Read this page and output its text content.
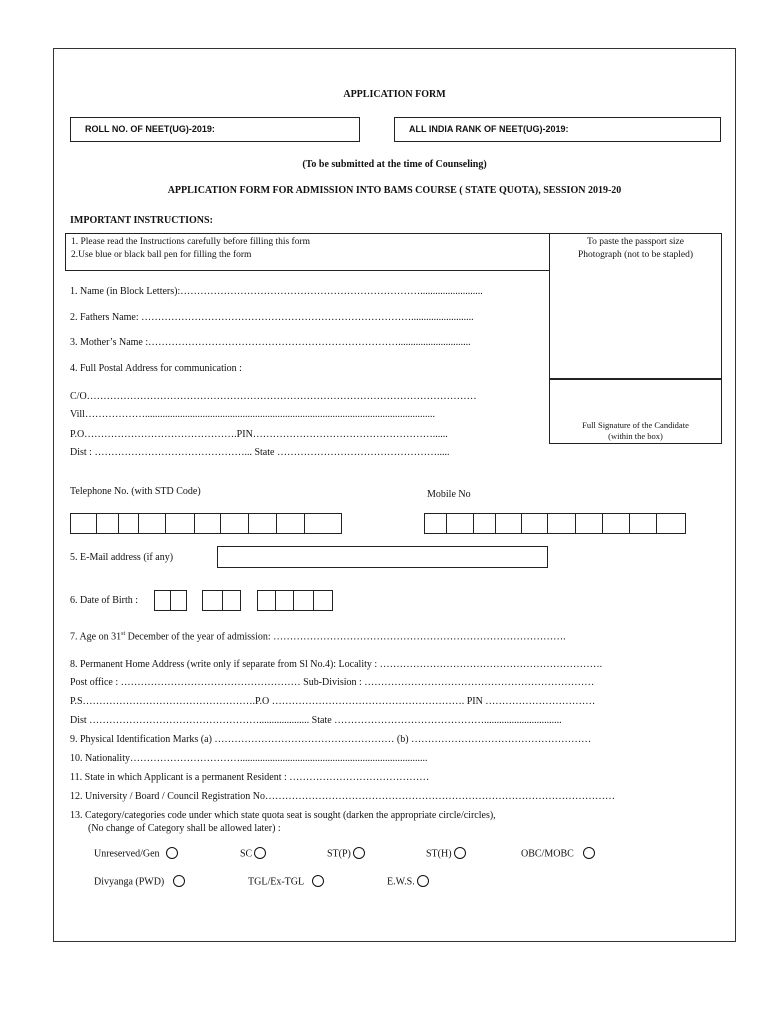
APPLICATION FORM
ROLL NO. OF NEET(UG)-2019:	ALL INDIA RANK OF NEET(UG)-2019:
(To be submitted at the time of Counseling)
APPLICATION FORM FOR ADMISSION INTO BAMS COURSE ( STATE QUOTA), SESSION 2019-20
IMPORTANT INSTRUCTIONS:
1. Please read the Instructions carefully before filling this form
2.Use blue or black ball pen for filling the form
To paste the passport size
Photograph (not to be stapled)
Full Signature of the Candidate
(within the box)
1. Name (in Block Letters):……………………………………………………………….........................
2. Fathers Name: ……………………………………………………………………….........................
3. Mother’s Name :………………………………………………………………….............................
4. Full Postal Address for communication :
C/O………………………………………………………………………………………………………
Vill………………....................................................................................................................
P.O……………………………………….PIN………………………………………………......
Dist : ………………………………………... State ………………………………………….....
Telephone No. (with STD Code)	Mobile No
5. E-Mail address (if any)
6. Date of Birth :
7. Age on 31st December of the year of admission: …………………………………………………………………………….
8. Permanent Home Address (write only if separate from Sl No.4): Locality : ………………………………………………………….
Post office : ……………………………………………… Sub-Division : ……………………………………………………………
P.S…………………………………………….P.O …………………………………………………. PIN ……………………………
Dist …………………………………………….................... State ………………………………………...............................
9. Physical Identification Marks (a) ……………………………………………… (b) ………………………………………………
10. Nationality……………………………...........................................................................
11. State in which Applicant is a permanent Resident : ……………………………………
12. University / Board / Council Registration No……………………………………………………………………………………………
13. Category/categories code under which state quota seat is sought (darken the appropriate circle/circles),
(No change of Category shall be allowed later) :
Unreserved/Gen	SC	ST(P)	ST(H)	OBC/MOBC
Divyanga (PWD)	TGL/Ex-TGL	E.W.S.
